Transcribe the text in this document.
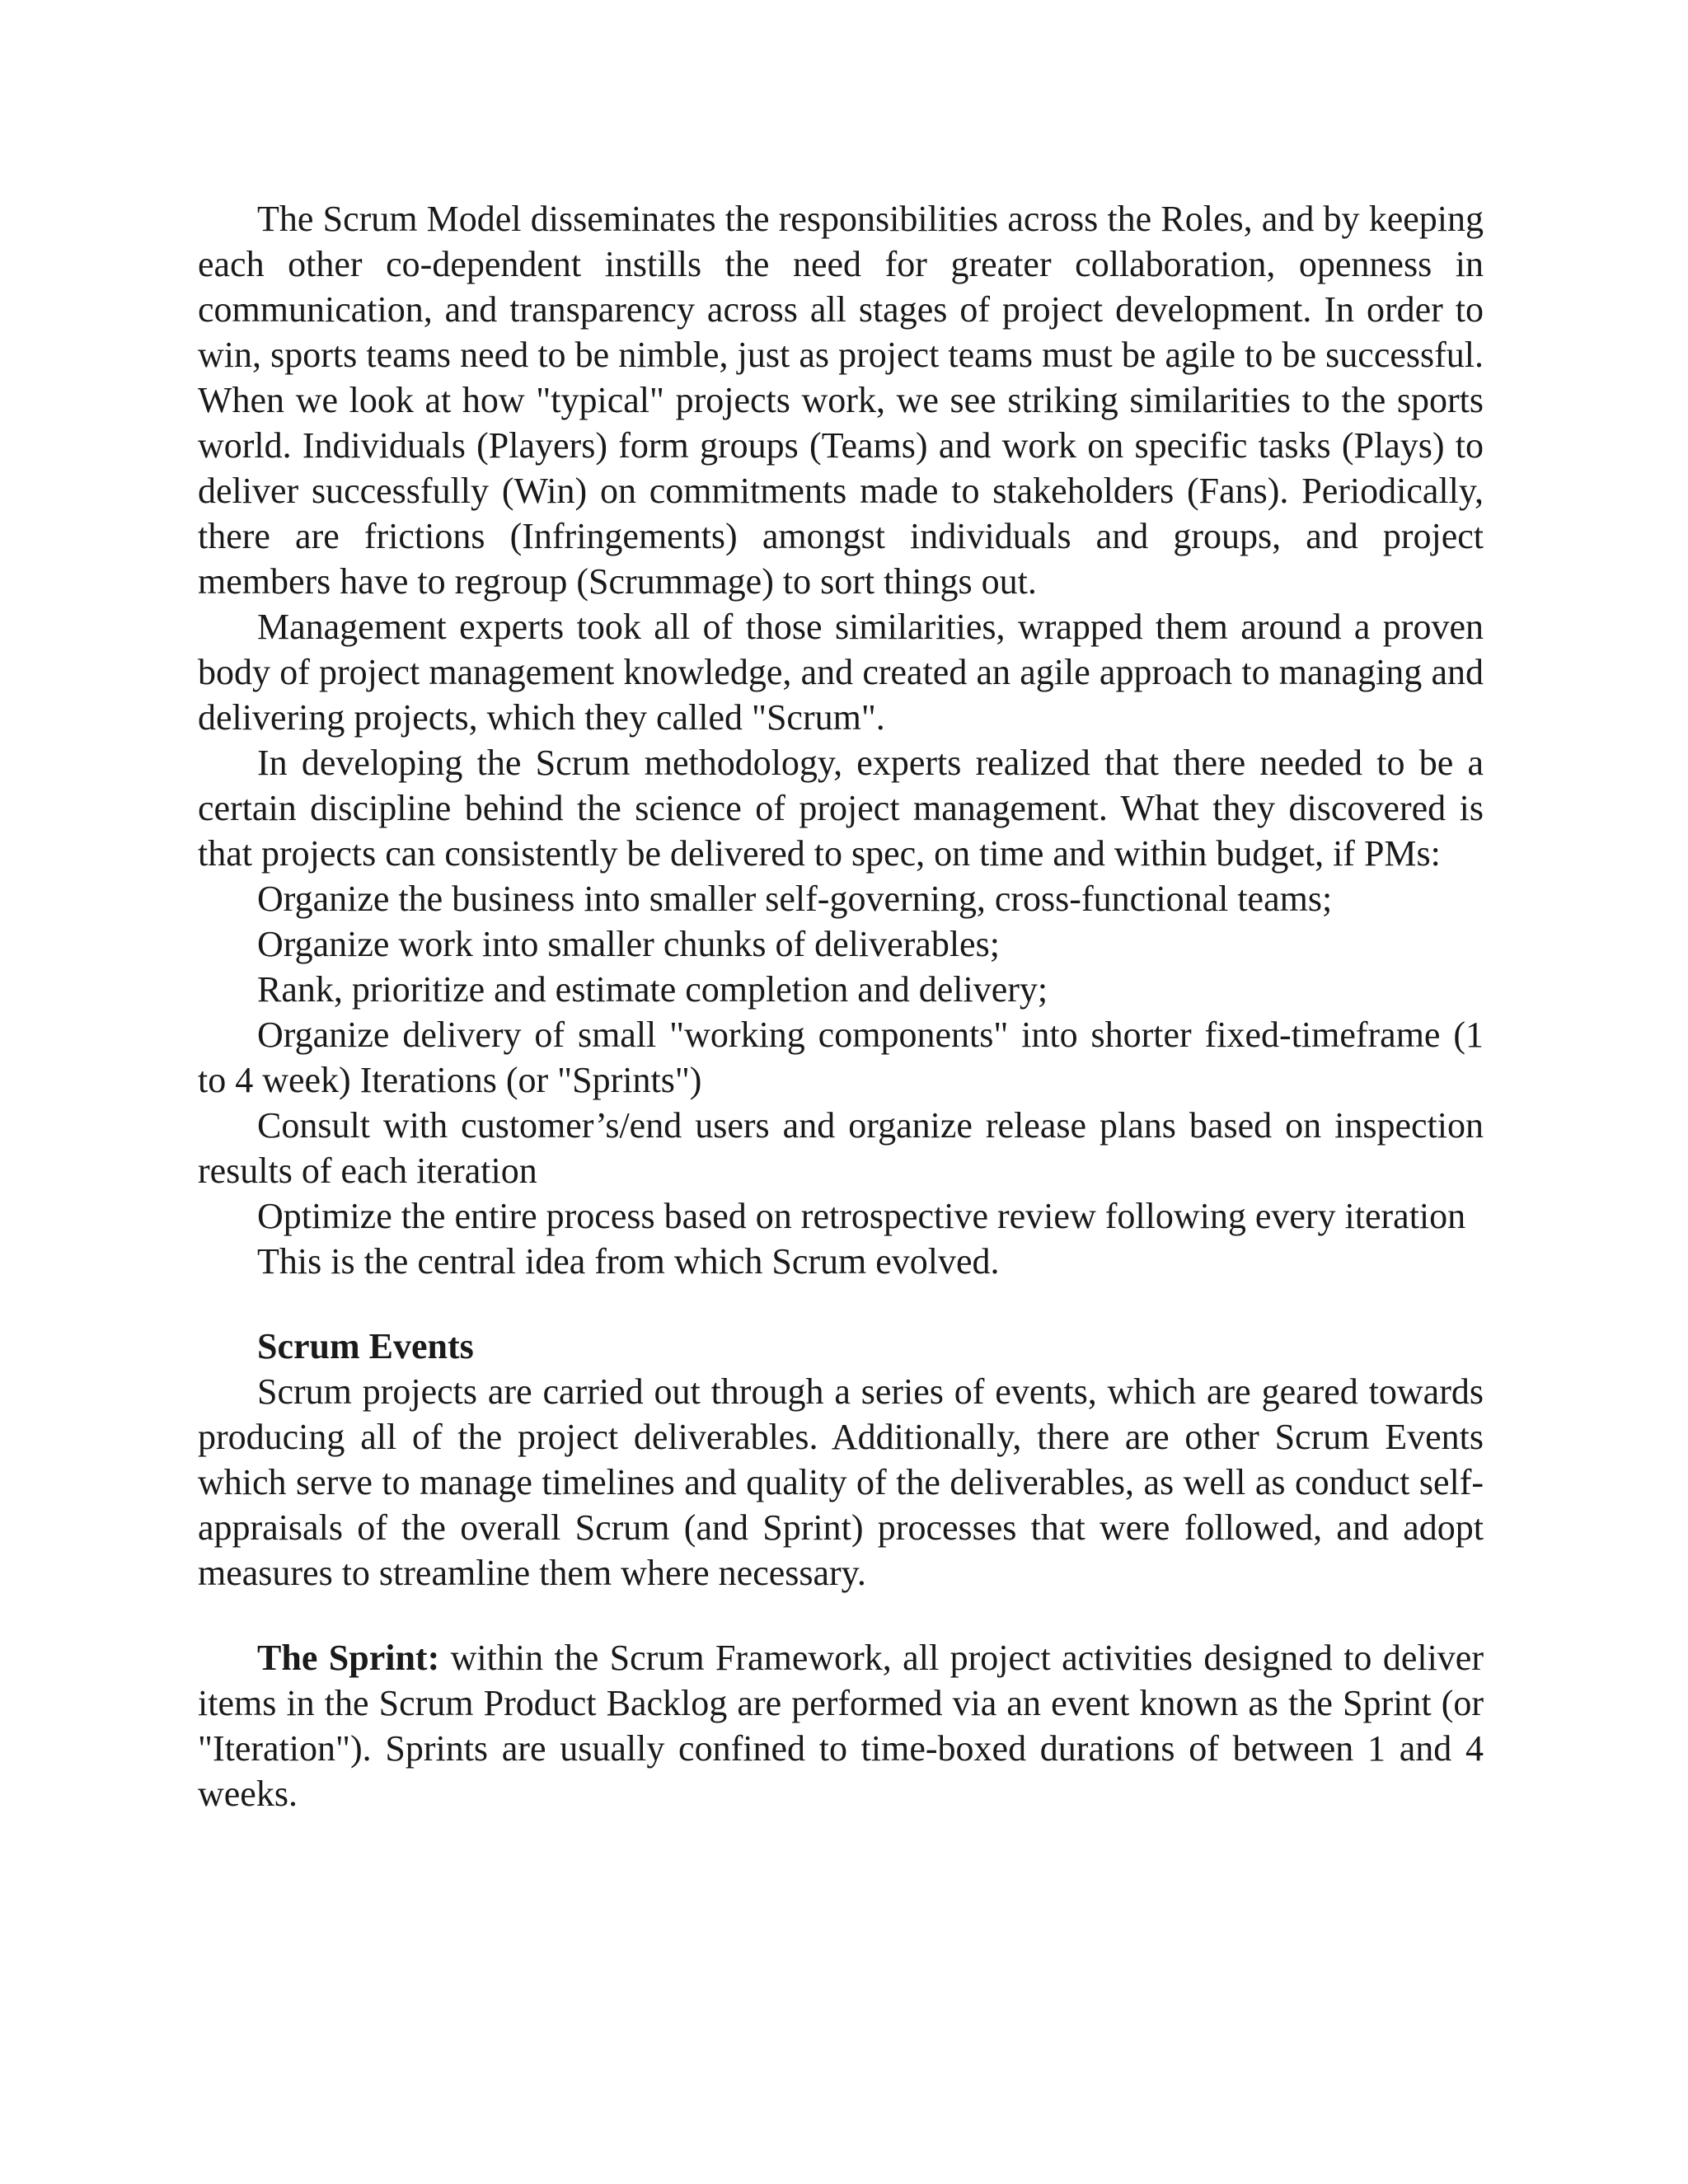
The Scrum Model disseminates the responsibilities across the Roles, and by keeping each other co-dependent instills the need for greater collaboration, openness in communication, and transparency across all stages of project development. In order to win, sports teams need to be nimble, just as project teams must be agile to be successful. When we look at how "typical" projects work, we see striking similarities to the sports world. Individuals (Players) form groups (Teams) and work on specific tasks (Plays) to deliver successfully (Win) on commitments made to stakeholders (Fans). Periodically, there are frictions (Infringements) amongst individuals and groups, and project members have to regroup (Scrummage) to sort things out.

Management experts took all of those similarities, wrapped them around a proven body of project management knowledge, and created an agile approach to managing and delivering projects, which they called "Scrum".

In developing the Scrum methodology, experts realized that there needed to be a certain discipline behind the science of project management. What they discovered is that projects can consistently be delivered to spec, on time and within budget, if PMs:

Organize the business into smaller self-governing, cross-functional teams;

Organize work into smaller chunks of deliverables;

Rank, prioritize and estimate completion and delivery;

Organize delivery of small "working components" into shorter fixed-timeframe (1 to 4 week) Iterations (or "Sprints")

Consult with customer’s/end users and organize release plans based on inspection results of each iteration

Optimize the entire process based on retrospective review following every iteration

This is the central idea from which Scrum evolved.

Scrum Events

Scrum projects are carried out through a series of events, which are geared towards producing all of the project deliverables. Additionally, there are other Scrum Events which serve to manage timelines and quality of the deliverables, as well as conduct self-appraisals of the overall Scrum (and Sprint) processes that were followed, and adopt measures to streamline them where necessary.

The Sprint: within the Scrum Framework, all project activities designed to deliver items in the Scrum Product Backlog are performed via an event known as the Sprint (or "Iteration"). Sprints are usually confined to time-boxed durations of between 1 and 4 weeks.
